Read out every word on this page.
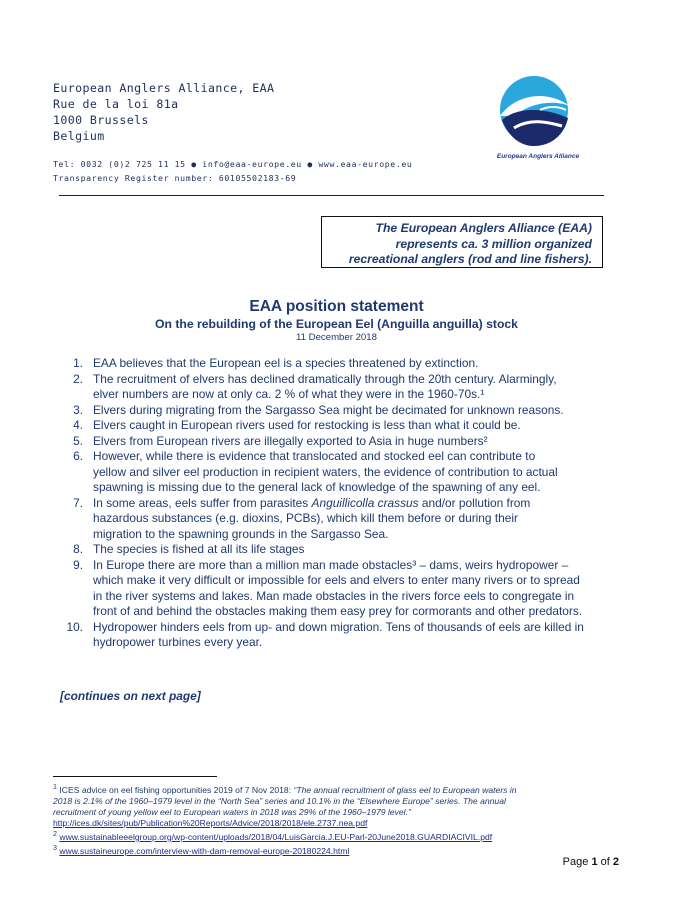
European Anglers Alliance, EAA
Rue de la loi 81a
1000 Brussels
Belgium
Tel: 0032 (0)2 725 11 15 ● info@eaa-europe.eu ● www.eaa-europe.eu
Transparency Register number: 60105502183-69
European Anglers Alliance
The European Anglers Alliance (EAA)
represents ca. 3 million organized
recreational anglers (rod and line fishers).
EAA position statement
On the rebuilding of the European Eel (Anguilla anguilla) stock
11 December 2018
1. EAA believes that the European eel is a species threatened by extinction.
2. The recruitment of elvers has declined dramatically through the 20th century. Alarmingly,
elver numbers are now at only ca. 2 % of what they were in the 1960-70s.¹
3. Elvers during migrating from the Sargasso Sea might be decimated for unknown reasons.
4. Elvers caught in European rivers used for restocking is less than what it could be.
5. Elvers from European rivers are illegally exported to Asia in huge numbers²
6. However, while there is evidence that translocated and stocked eel can contribute to
yellow and silver eel production in recipient waters, the evidence of contribution to actual
spawning is missing due to the general lack of knowledge of the spawning of any eel.
7. In some areas, eels suffer from parasites Anguillicolla crassus and/or pollution from
hazardous substances (e.g. dioxins, PCBs), which kill them before or during their
migration to the spawning grounds in the Sargasso Sea.
8. The species is fished at all its life stages
9. In Europe there are more than a million man made obstacles³ – dams, weirs hydropower –
which make it very difficult or impossible for eels and elvers to enter many rivers or to spread
in the river systems and lakes. Man made obstacles in the rivers force eels to congregate in
front of and behind the obstacles making them easy prey for cormorants and other predators.
10. Hydropower hinders eels from up- and down migration. Tens of thousands of eels are killed in
hydropower turbines every year.
[continues on next page]
$^1$ ICES advice on eel fishing opportunities 2019 of 7 Nov 2018: “The annual recruitment of glass eel to European waters in
2018 is 2.1% of the 1960–1979 level in the “North Sea” series and 10.1% in the “Elsewhere Europe” series. The annual
recruitment of young yellow eel to European waters in 2018 was 29% of the 1960–1979 level.”
http://ices.dk/sites/pub/Publication%20Reports/Advice/2018/2018/ele.2737.nea.pdf
$^2$ www.sustainableeelgroup.org/wp-content/uploads/2018/04/LuisGarcia.J.EU-Parl-20June2018.GUARDIACIVIL.pdf
$^3$ www.sustaineurope.com/interview-with-dam-removal-europe-20180224.html
Page 1 of 2
